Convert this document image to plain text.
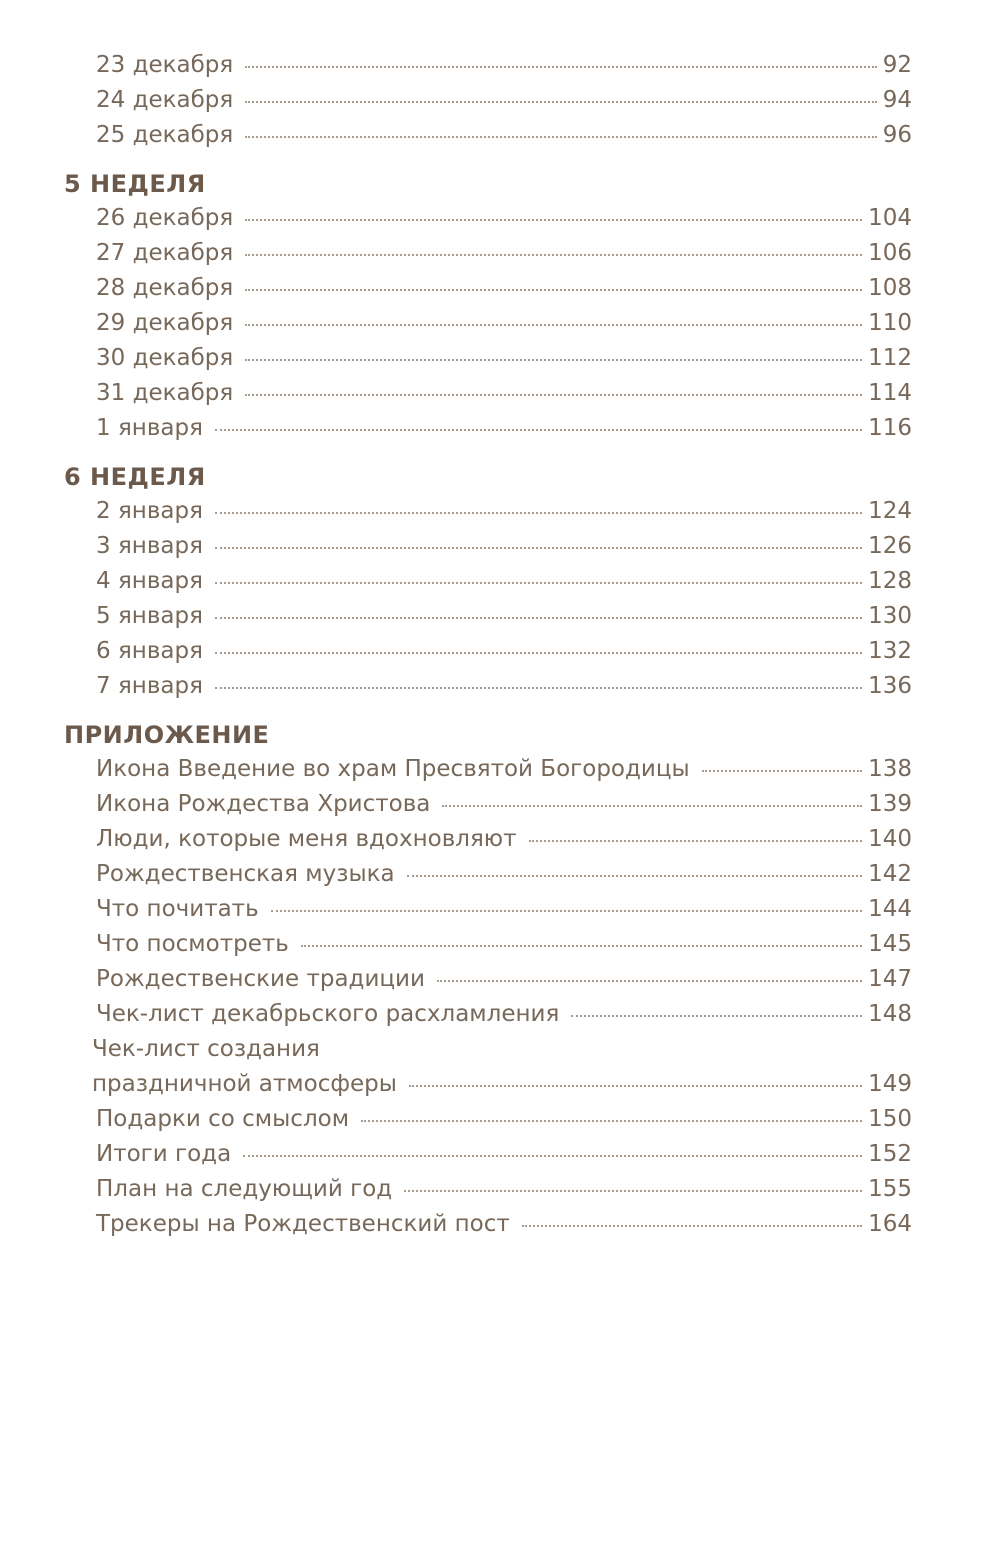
23 декабря	92
24 декабря	94
25 декабря	96
5 НЕДЕЛЯ
26 декабря	104
27 декабря	106
28 декабря	108
29 декабря	110
30 декабря	112
31 декабря	114
1 января	116
6 НЕДЕЛЯ
2 января	124
3 января	126
4 января	128
5 января	130
6 января	132
7 января	136
ПРИЛОЖЕНИЕ
Икона Введение во храм Пресвятой Богородицы	138
Икона Рождества Христова	139
Люди, которые меня вдохновляют	140
Рождественская музыка	142
Что почитать	144
Что посмотреть	145
Рождественские традиции	147
Чек-лист декабрьского расхламления	148
Чек-лист создания
праздничной атмосферы	149
Подарки со смыслом	150
Итоги года	152
План на следующий год	155
Трекеры на Рождественский пост	164
